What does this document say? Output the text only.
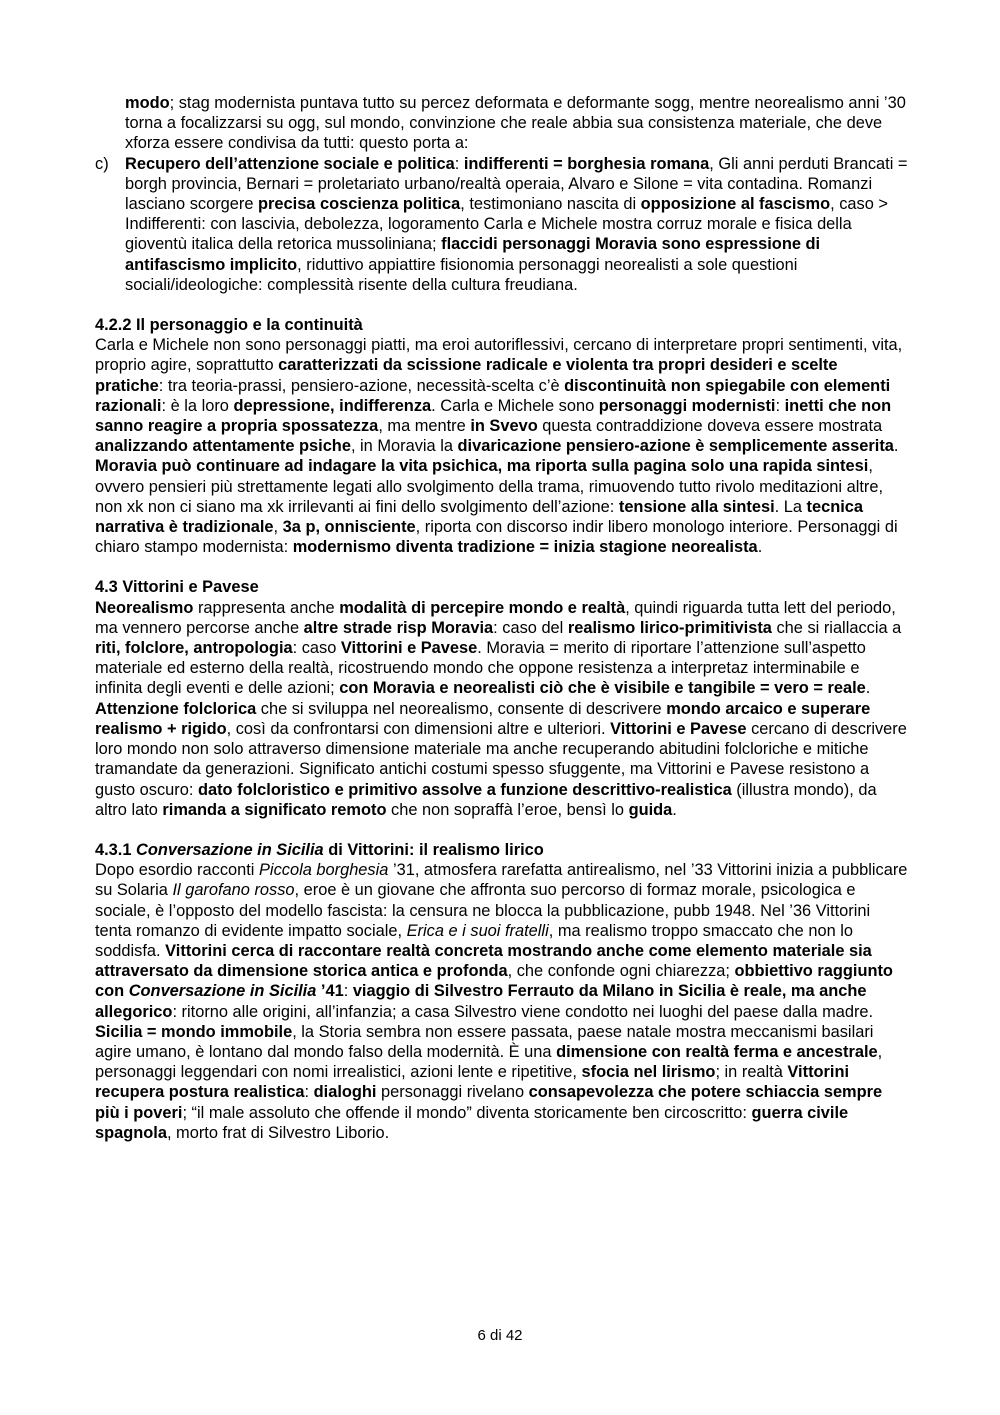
modo; stag modernista puntava tutto su percez deformata e deformante sogg, mentre neorealismo anni ’30 torna a focalizzarsi su ogg, sul mondo, convinzione che reale abbia sua consistenza materiale, che deve xforza essere condivisa da tutti: questo porta a:

c) Recupero dell’attenzione sociale e politica: indifferenti = borghesia romana, Gli anni perduti Brancati = borgh provincia, Bernari = proletariato urbano/realtà operaia, Alvaro e Silone = vita contadina. Romanzi lasciano scorgere precisa coscienza politica, testimoniano nascita di opposizione al fascismo, caso > Indifferenti: con lascivia, debolezza, logoramento Carla e Michele mostra corruz morale e fisica della gioventù italica della retorica mussoliniana; flaccidi personaggi Moravia sono espressione di antifascismo implicito, riduttivo appiattire fisionomia personaggi neorealisti a sole questioni sociali/ideologiche: complessità risente della cultura freudiana.
4.2.2 Il personaggio e la continuità

Carla e Michele non sono personaggi piatti, ma eroi autoriflessivi, cercano di interpretare propri sentimenti, vita, proprio agire, soprattutto caratterizzati da scissione radicale e violenta tra propri desideri e scelte pratiche: tra teoria-prassi, pensiero-azione, necessità-scelta c’è discontinuità non spiegabile con elementi razionali: è la loro depressione, indifferenza. Carla e Michele sono personaggi modernisti: inetti che non sanno reagire a propria spossatezza, ma mentre in Svevo questa contraddizione doveva essere mostrata analizzando attentamente psiche, in Moravia la divaricazione pensiero-azione è semplicemente asserita. Moravia può continuare ad indagare la vita psichica, ma riporta sulla pagina solo una rapida sintesi, ovvero pensieri più strettamente legati allo svolgimento della trama, rimuovendo tutto rivolo meditazioni altre, non xk non ci siano ma xk irrilevanti ai fini dello svolgimento dell’azione: tensione alla sintesi. La tecnica narrativa è tradizionale, 3a p, onnisciente, riporta con discorso indir libero monologo interiore. Personaggi di chiaro stampo modernista: modernismo diventa tradizione = inizia stagione neorealista.

4.3 Vittorini e Pavese

Neorealismo rappresenta anche modalità di percepire mondo e realtà, quindi riguarda tutta lett del periodo, ma vennero percorse anche altre strade risp Moravia: caso del realismo lirico-primitivista che si riallaccia a riti, folclore, antropologia: caso Vittorini e Pavese. Moravia = merito di riportare l’attenzione sull’aspetto materiale ed esterno della realtà, ricostruendo mondo che oppone resistenza a interpretaz interminabile e infinita degli eventi e delle azioni; con Moravia e neorealisti ciò che è visibile e tangibile = vero = reale. Attenzione folclorica che si sviluppa nel neorealismo, consente di descrivere mondo arcaico e superare realismo + rigido, così da confrontarsi con dimensioni altre e ulteriori. Vittorini e Pavese cercano di descrivere loro mondo non solo attraverso dimensione materiale ma anche recuperando abitudini folcloriche e mitiche tramandate da generazioni. Significato antichi costumi spesso sfuggente, ma Vittorini e Pavese resistono a gusto oscuro: dato folcloristico e primitivo assolve a funzione descrittivo-realistica (illustra mondo), da altro lato rimanda a significato remoto che non sopraffà l’eroe, bensì lo guida.

4.3.1 Conversazione in Sicilia di Vittorini: il realismo lirico

Dopo esordio racconti Piccola borghesia ’31, atmosfera rarefatta antirealismo, nel ’33 Vittorini inizia a pubblicare su Solaria Il garofano rosso, eroe è un giovane che affronta suo percorso di formaz morale, psicologica e sociale, è l’opposto del modello fascista: la censura ne blocca la pubblicazione, pubb 1948. Nel ’36 Vittorini tenta romanzo di evidente impatto sociale, Erica e i suoi fratelli, ma realismo troppo smaccato che non lo soddisfa. Vittorini cerca di raccontare realtà concreta mostrando anche come elemento materiale sia attraversato da dimensione storica antica e profonda, che confonde ogni chiarezza; obbiettivo raggiunto con Conversazione in Sicilia ’41: viaggio di Silvestro Ferrauto da Milano in Sicilia è reale, ma anche allegorico: ritorno alle origini, all’infanzia; a casa Silvestro viene condotto nei luoghi del paese dalla madre. Sicilia = mondo immobile, la Storia sembra non essere passata, paese natale mostra meccanismi basilari agire umano, è lontano dal mondo falso della modernità. È una dimensione con realtà ferma e ancestrale, personaggi leggendari con nomi irrealistici, azioni lente e ripetitive, sfocia nel lirismo; in realtà Vittorini recupera postura realistica: dialoghi personaggi rivelano consapevolezza che potere schiaccia sempre più i poveri; “il male assoluto che offende il mondo” diventa storicamente ben circoscritto: guerra civile spagnola, morto frat di Silvestro Liborio.

6 di 42
